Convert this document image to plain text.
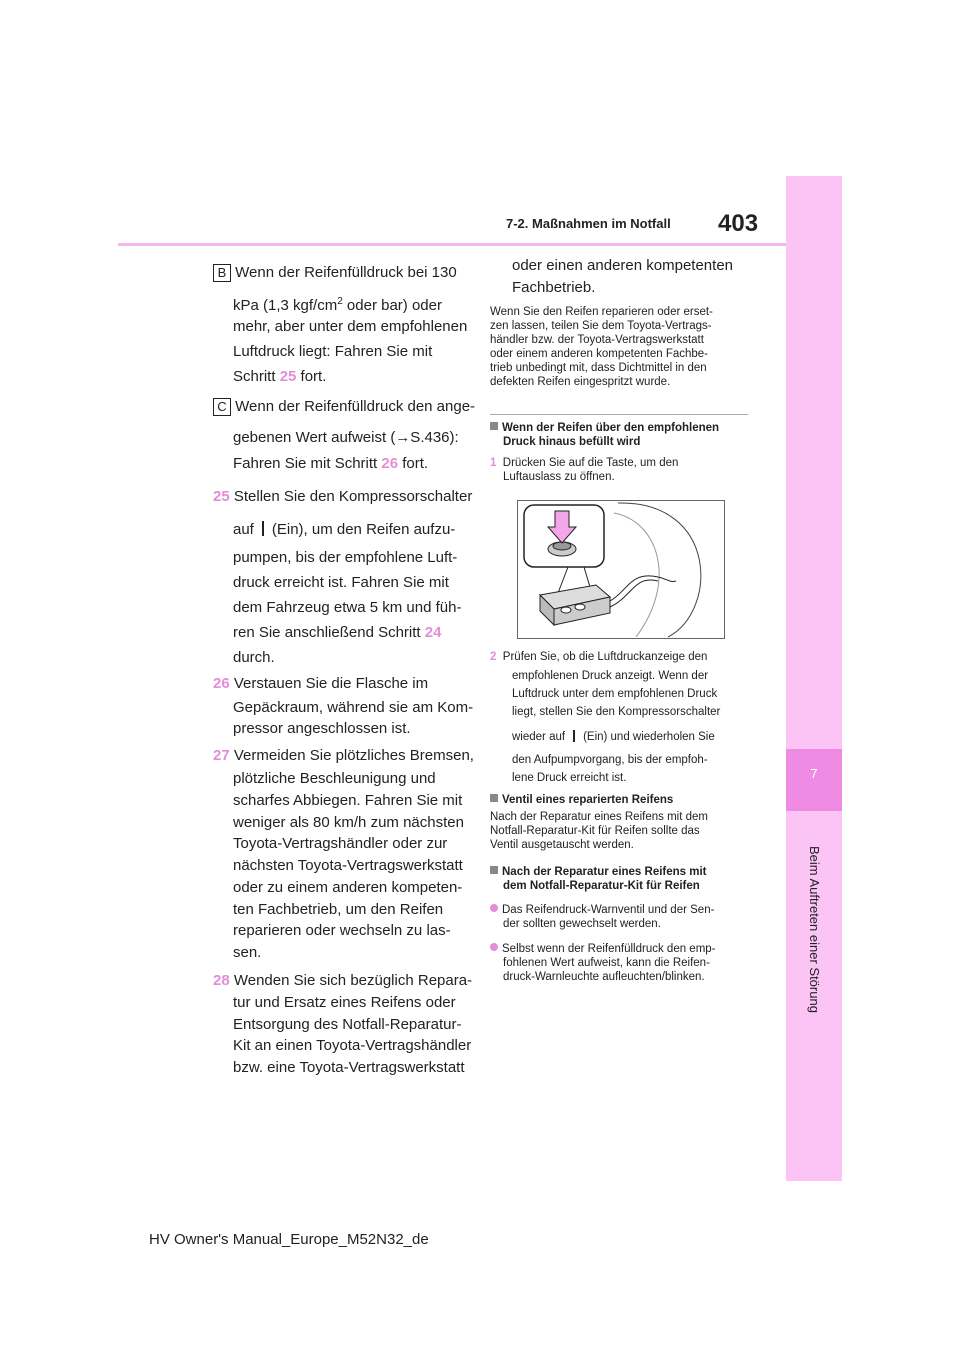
7-2. Maßnahmen im Notfall 403
7
Beim Auftreten einer Störung
B Wenn der Reifenfülldruck bei 130
kPa (1,3 kgf/$cm^2$ oder bar) oder
mehr, aber unter dem empfohlenen
Luftdruck liegt: Fahren Sie mit
Schritt 25 fort.
C Wenn der Reifenfülldruck den ange-
gebenen Wert aufweist (→S.436):
Fahren Sie mit Schritt 26 fort.
25 Stellen Sie den Kompressorschalter
auf (Ein), um den Reifen aufzu-
pumpen, bis der empfohlene Luft-
druck erreicht ist. Fahren Sie mit
dem Fahrzeug etwa 5 km und füh-
ren Sie anschließend Schritt 24
durch.
26 Verstauen Sie die Flasche im
Gepäckraum, während sie am Kom-
pressor angeschlossen ist.
27 Vermeiden Sie plötzliches Bremsen,
plötzliche Beschleunigung und
scharfes Abbiegen. Fahren Sie mit
weniger als 80 km/h zum nächsten
Toyota-Vertragshändler oder zur
nächsten Toyota-Vertragswerkstatt
oder zu einem anderen kompeten-
ten Fachbetrieb, um den Reifen
reparieren oder wechseln zu las-
sen.
28 Wenden Sie sich bezüglich Repara-
tur und Ersatz eines Reifens oder
Entsorgung des Notfall-Reparatur-
Kit an einen Toyota-Vertragshändler
bzw. eine Toyota-Vertragswerkstatt
oder einen anderen kompetenten
Fachbetrieb.
Wenn Sie den Reifen reparieren oder erset-
zen lassen, teilen Sie dem Toyota-Vertrags-
händler bzw. der Toyota-Vertragswerkstatt
oder einem anderen kompetenten Fachbe-
trieb unbedingt mit, dass Dichtmittel in den
defekten Reifen eingespritzt wurde.
Wenn der Reifen über den empfohlenen
Druck hinaus befüllt wird
1 Drücken Sie auf die Taste, um den
Luftauslass zu öffnen.
2 Prüfen Sie, ob die Luftdruckanzeige den
empfohlenen Druck anzeigt. Wenn der
Luftdruck unter dem empfohlenen Druck
liegt, stellen Sie den Kompressorschalter
wieder auf (Ein) und wiederholen Sie
den Aufpumpvorgang, bis der empfoh-
lene Druck erreicht ist.
Ventil eines reparierten Reifens
Nach der Reparatur eines Reifens mit dem
Notfall-Reparatur-Kit für Reifen sollte das
Ventil ausgetauscht werden.
Nach der Reparatur eines Reifens mit
dem Notfall-Reparatur-Kit für Reifen
Das Reifendruck-Warnventil und der Sen-
der sollten gewechselt werden.
Selbst wenn der Reifenfülldruck den emp-
fohlenen Wert aufweist, kann die Reifen-
druck-Warnleuchte aufleuchten/blinken.
HV Owner's Manual_Europe_M52N32_de
